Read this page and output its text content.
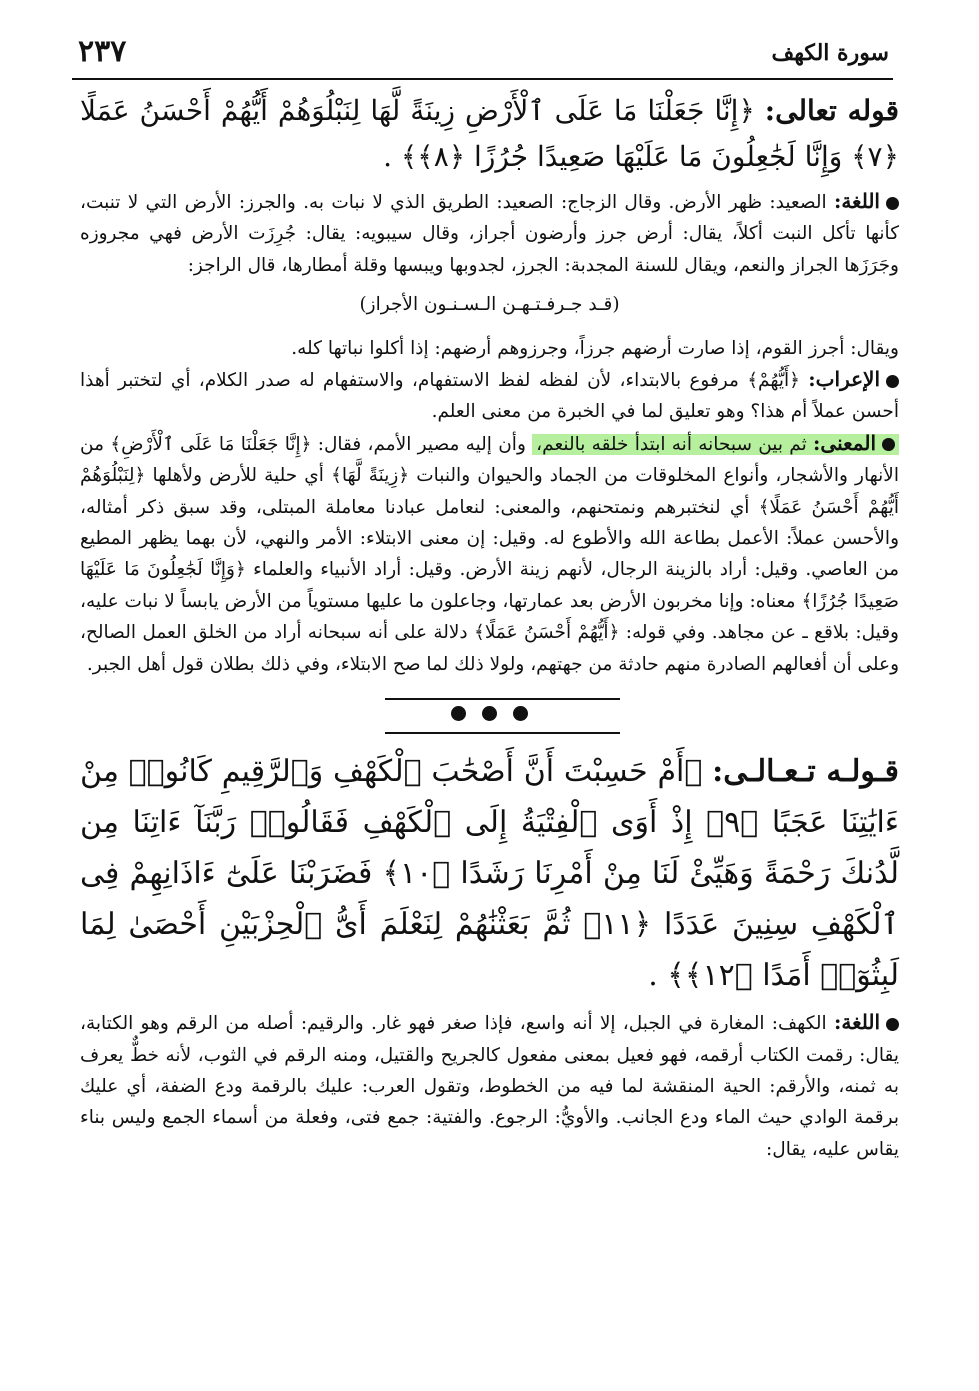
٢٣٧	سورة الكهف
قوله تعالى: ﴿إِنَّا جَعَلْنَا مَا عَلَى ٱلْأَرْضِ زِينَةً لَّهَا لِنَبْلُوَهُمْ أَيُّهُمْ أَحْسَنُ عَمَلًا ﴿٧﴾ وَإِنَّا لَجَٰعِلُونَ مَا عَلَيْهَا صَعِيدًا جُرُزًا ﴿٨﴾﴾ .

اللغة: الصعيد: ظهر الأرض. وقال الزجاج: الصعيد: الطريق الذي لا نبات به. والجرز: الأرض التي لا تنبت، كأنها تأكل النبت أكلاً، يقال: أرض جرز وأرضون أجراز، وقال سيبويه: يقال: جُرِزَت الأرض فهي مجروزه وجَرَزَها الجراز والنعم، ويقال للسنة المجدبة: الجرز، لجدوبها ويبسها وقلة أمطارها، قال الراجز:

(قـد جـرفـتـهـن الـسـنـون الأجراز)

ويقال: أجرز القوم، إذا صارت أرضهم جرزاً، وجرزوهم أرضهم: إذا أكلوا نباتها كله.

الإعراب: ﴿أَيُّهُمْ﴾ مرفوع بالابتداء، لأن لفظه لفظ الاستفهام، والاستفهام له صدر الكلام، أي لتختبر أهذا أحسن عملاً أم هذا؟ وهو تعليق لما في الخبرة من معنى العلم.

المعنى: ثم بين سبحانه أنه ابتدأ خلقه بالنعم، وأن إليه مصير الأمم، فقال: ﴿إِنَّا جَعَلْنَا مَا عَلَى ٱلْأَرْضِ﴾ من الأنهار والأشجار، وأنواع المخلوقات من الجماد والحيوان والنبات ﴿زِينَةً لَّهَا﴾ أي حلية للأرض ولأهلها ﴿لِنَبْلُوَهُمْ أَيُّهُمْ أَحْسَنُ عَمَلًا﴾ أي لنختبرهم ونمتحنهم، والمعنى: لنعامل عبادنا معاملة المبتلى، وقد سبق ذكر أمثاله، والأحسن عملاً: الأعمل بطاعة الله والأطوع له. وقيل: إن معنى الابتلاء: الأمر والنهي، لأن بهما يظهر المطيع من العاصي. وقيل: أراد بالزينة الرجال، لأنهم زينة الأرض. وقيل: أراد الأنبياء والعلماء ﴿وَإِنَّا لَجَٰعِلُونَ مَا عَلَيْهَا صَعِيدًا جُرُزًا﴾ معناه: وإنا مخربون الأرض بعد عمارتها، وجاعلون ما عليها مستوياً من الأرض يابساً لا نبات عليه، وقيل: بلاقع ـ عن مجاهد. وفي قوله: ﴿أَيُّهُمْ أَحْسَنُ عَمَلًا﴾ دلالة على أنه سبحانه أراد من الخلق العمل الصالح، وعلى أن أفعالهم الصادرة منهم حادثة من جهتهم، ولولا ذلك لما صح الابتلاء، وفي ذلك بطلان قول أهل الجبر.

قـولـه تـعـالـى: ﴿أَمْ حَسِبْتَ أَنَّ أَصْحَٰبَ ٱلْكَهْفِ وَٱلرَّقِيمِ كَانُوا۟ مِنْ ءَايَٰتِنَا عَجَبًا ﴿٩﴾ إِذْ أَوَى ٱلْفِتْيَةُ إِلَى ٱلْكَهْفِ فَقَالُوا۟ رَبَّنَآ ءَاتِنَا مِن لَّدُنكَ رَحْمَةً وَهَيِّئْ لَنَا مِنْ أَمْرِنَا رَشَدًا ﴿١٠﴾ فَضَرَبْنَا عَلَىٰٓ ءَاذَانِهِمْ فِى ٱلْكَهْفِ سِنِينَ عَدَدًا ﴿١١﴾ ثُمَّ بَعَثْنَٰهُمْ لِنَعْلَمَ أَىُّ ٱلْحِزْبَيْنِ أَحْصَىٰ لِمَا لَبِثُوٓا۟ أَمَدًا ﴿١٢﴾﴾ .

اللغة: الكهف: المغارة في الجبل، إلا أنه واسع، فإذا صغر فهو غار. والرقيم: أصله من الرقم وهو الكتابة، يقال: رقمت الكتاب أرقمه، فهو فعيل بمعنى مفعول كالجريح والقتيل، ومنه الرقم في الثوب، لأنه خطٌّ يعرف به ثمنه، والأرقم: الحية المنقشة لما فيه من الخطوط، وتقول العرب: عليك بالرقمة ودع الضفة، أي عليك برقمة الوادي حيث الماء ودع الجانب. والأويُّ: الرجوع. والفتية: جمع فتى، وفعلة من أسماء الجمع وليس بناء يقاس عليه، يقال:
